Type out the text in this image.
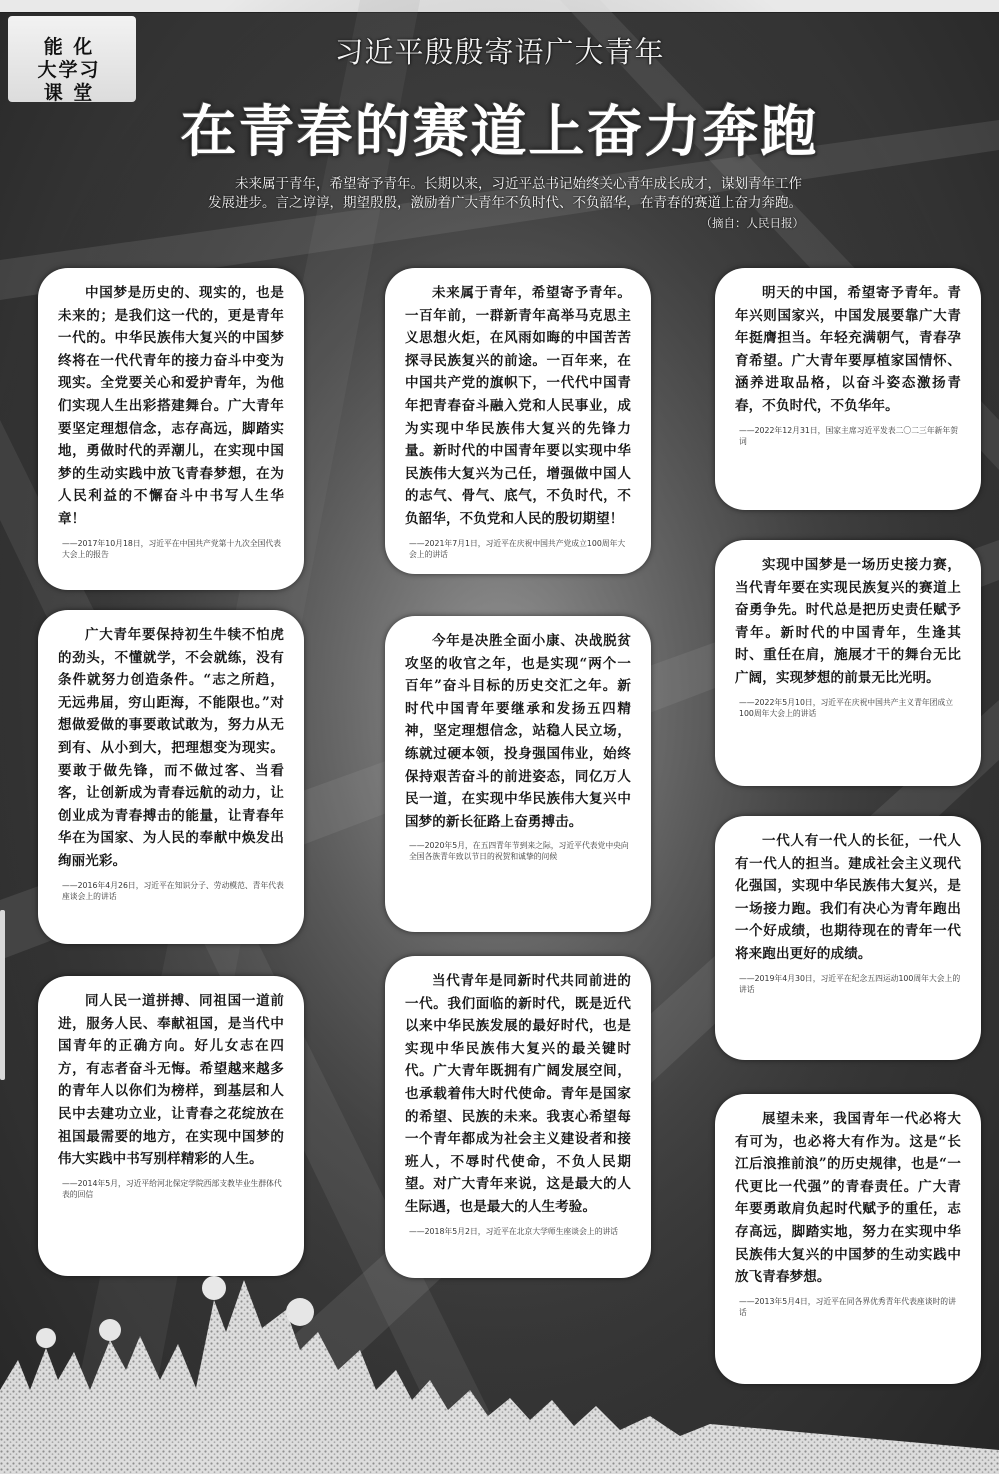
能 化
大学习
课 堂
习近平殷殷寄语广大青年
在青春的赛道上奋力奔跑
未来属于青年，希望寄予青年。长期以来，习近平总书记始终关心青年成长成才，谋划青年工作发展进步。言之谆谆，期望殷殷，激励着广大青年不负时代、不负韶华，在青春的赛道上奋力奔跑。
（摘自：人民日报）
中国梦是历史的、现实的，也是未来的；是我们这一代的，更是青年一代的。中华民族伟大复兴的中国梦终将在一代代青年的接力奋斗中变为现实。全党要关心和爱护青年，为他们实现人生出彩搭建舞台。广大青年要坚定理想信念，志存高远，脚踏实地，勇做时代的弄潮儿，在实现中国梦的生动实践中放飞青春梦想，在为人民利益的不懈奋斗中书写人生华章！
——2017年10月18日，习近平在中国共产党第十九次全国代表大会上的报告
广大青年要保持初生牛犊不怕虎的劲头，不懂就学，不会就练，没有条件就努力创造条件。“志之所趋，无远弗届，穷山距海，不能限也。”对想做爱做的事要敢试敢为，努力从无到有、从小到大，把理想变为现实。要敢于做先锋，而不做过客、当看客，让创新成为青春远航的动力，让创业成为青春搏击的能量，让青春年华在为国家、为人民的奉献中焕发出绚丽光彩。
——2016年4月26日，习近平在知识分子、劳动模范、青年代表座谈会上的讲话
同人民一道拼搏、同祖国一道前进，服务人民、奉献祖国，是当代中国青年的正确方向。好儿女志在四方，有志者奋斗无悔。希望越来越多的青年人以你们为榜样，到基层和人民中去建功立业，让青春之花绽放在祖国最需要的地方，在实现中国梦的伟大实践中书写别样精彩的人生。
——2014年5月，习近平给河北保定学院西部支教毕业生群体代表的回信
未来属于青年，希望寄予青年。一百年前，一群新青年高举马克思主义思想火炬，在风雨如晦的中国苦苦探寻民族复兴的前途。一百年来，在中国共产党的旗帜下，一代代中国青年把青春奋斗融入党和人民事业，成为实现中华民族伟大复兴的先锋力量。新时代的中国青年要以实现中华民族伟大复兴为己任，增强做中国人的志气、骨气、底气，不负时代，不负韶华，不负党和人民的殷切期望！
——2021年7月1日，习近平在庆祝中国共产党成立100周年大会上的讲话
今年是决胜全面小康、决战脱贫攻坚的收官之年，也是实现“两个一百年”奋斗目标的历史交汇之年。新时代中国青年要继承和发扬五四精神，坚定理想信念，站稳人民立场，练就过硬本领，投身强国伟业，始终保持艰苦奋斗的前进姿态，同亿万人民一道，在实现中华民族伟大复兴中国梦的新长征路上奋勇搏击。
——2020年5月，在五四青年节到来之际，习近平代表党中央向全国各族青年致以节日的祝贺和诚挚的问候
当代青年是同新时代共同前进的一代。我们面临的新时代，既是近代以来中华民族发展的最好时代，也是实现中华民族伟大复兴的最关键时代。广大青年既拥有广阔发展空间，也承载着伟大时代使命。青年是国家的希望、民族的未来。我衷心希望每一个青年都成为社会主义建设者和接班人，不辱时代使命，不负人民期望。对广大青年来说，这是最大的人生际遇，也是最大的人生考验。
——2018年5月2日，习近平在北京大学师生座谈会上的讲话
明天的中国，希望寄予青年。青年兴则国家兴，中国发展要靠广大青年挺膺担当。年轻充满朝气，青春孕育希望。广大青年要厚植家国情怀、涵养进取品格，以奋斗姿态激扬青春，不负时代，不负华年。
——2022年12月31日，国家主席习近平发表二〇二三年新年贺词
实现中国梦是一场历史接力赛，当代青年要在实现民族复兴的赛道上奋勇争先。时代总是把历史责任赋予青年。新时代的中国青年，生逢其时、重任在肩，施展才干的舞台无比广阔，实现梦想的前景无比光明。
——2022年5月10日，习近平在庆祝中国共产主义青年团成立100周年大会上的讲话
一代人有一代人的长征，一代人有一代人的担当。建成社会主义现代化强国，实现中华民族伟大复兴，是一场接力跑。我们有决心为青年跑出一个好成绩，也期待现在的青年一代将来跑出更好的成绩。
——2019年4月30日，习近平在纪念五四运动100周年大会上的讲话
展望未来，我国青年一代必将大有可为，也必将大有作为。这是“长江后浪推前浪”的历史规律，也是“一代更比一代强”的青春责任。广大青年要勇敢肩负起时代赋予的重任，志存高远，脚踏实地，努力在实现中华民族伟大复兴的中国梦的生动实践中放飞青春梦想。
——2013年5月4日，习近平在同各界优秀青年代表座谈时的讲话
